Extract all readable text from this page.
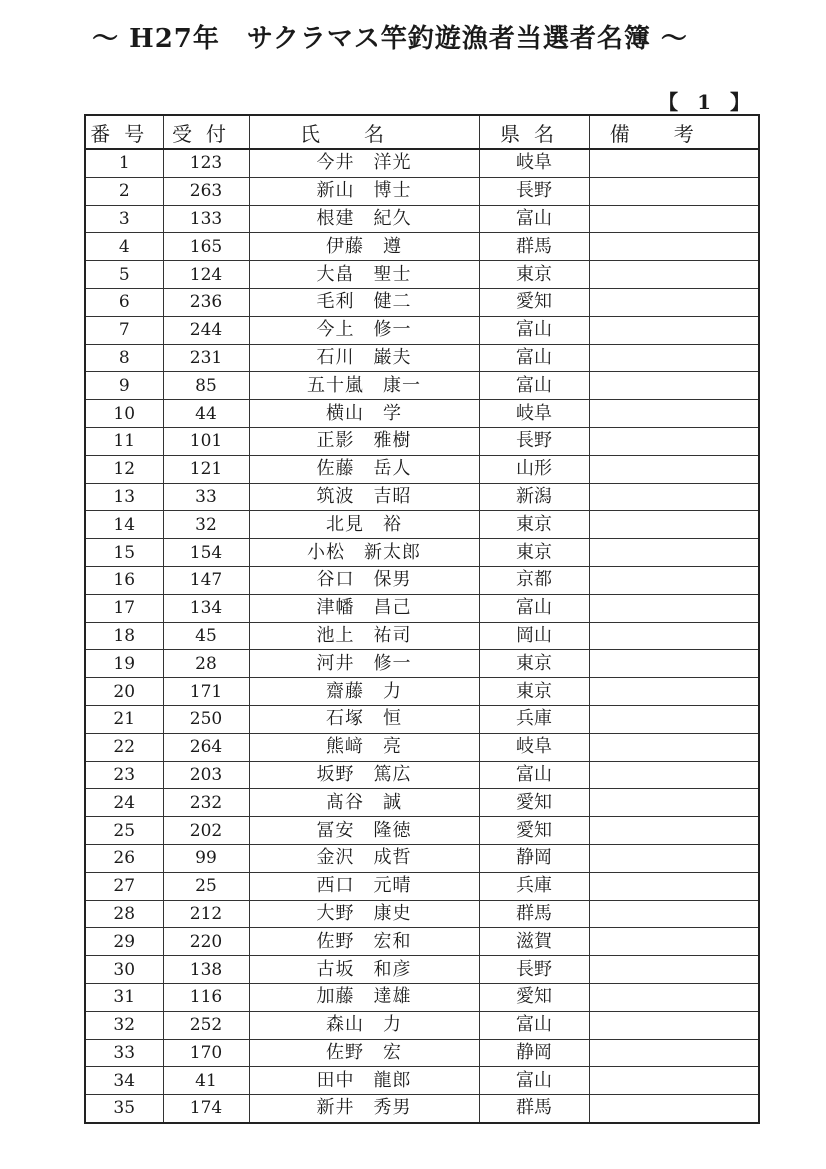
～ H27年　サクラマス竿釣遊漁者当選者名簿 ～
【 1 】
番号	受付	氏名	県名	備考
1	123	今井　洋光	岐阜	
2	263	新山　博士	長野	
3	133	根建　紀久	富山	
4	165	伊藤　遵	群馬	
5	124	大畠　聖士	東京	
6	236	毛利　健二	愛知	
7	244	今上　修一	富山	
8	231	石川　巌夫	富山	
9	85	五十嵐　康一	富山	
10	44	横山　学	岐阜	
11	101	正影　雅樹	長野	
12	121	佐藤　岳人	山形	
13	33	筑波　吉昭	新潟	
14	32	北見　裕	東京	
15	154	小松　新太郎	東京	
16	147	谷口　保男	京都	
17	134	津幡　昌己	富山	
18	45	池上　祐司	岡山	
19	28	河井　修一	東京	
20	171	齋藤　力	東京	
21	250	石塚　恒	兵庫	
22	264	熊﨑　亮	岐阜	
23	203	坂野　篤広	富山	
24	232	髙谷　誠	愛知	
25	202	冨安　隆徳	愛知	
26	99	金沢　成哲	静岡	
27	25	西口　元晴	兵庫	
28	212	大野　康史	群馬	
29	220	佐野　宏和	滋賀	
30	138	古坂　和彦	長野	
31	116	加藤　達雄	愛知	
32	252	森山　力	富山	
33	170	佐野　宏	静岡	
34	41	田中　龍郎	富山	
35	174	新井　秀男	群馬	
